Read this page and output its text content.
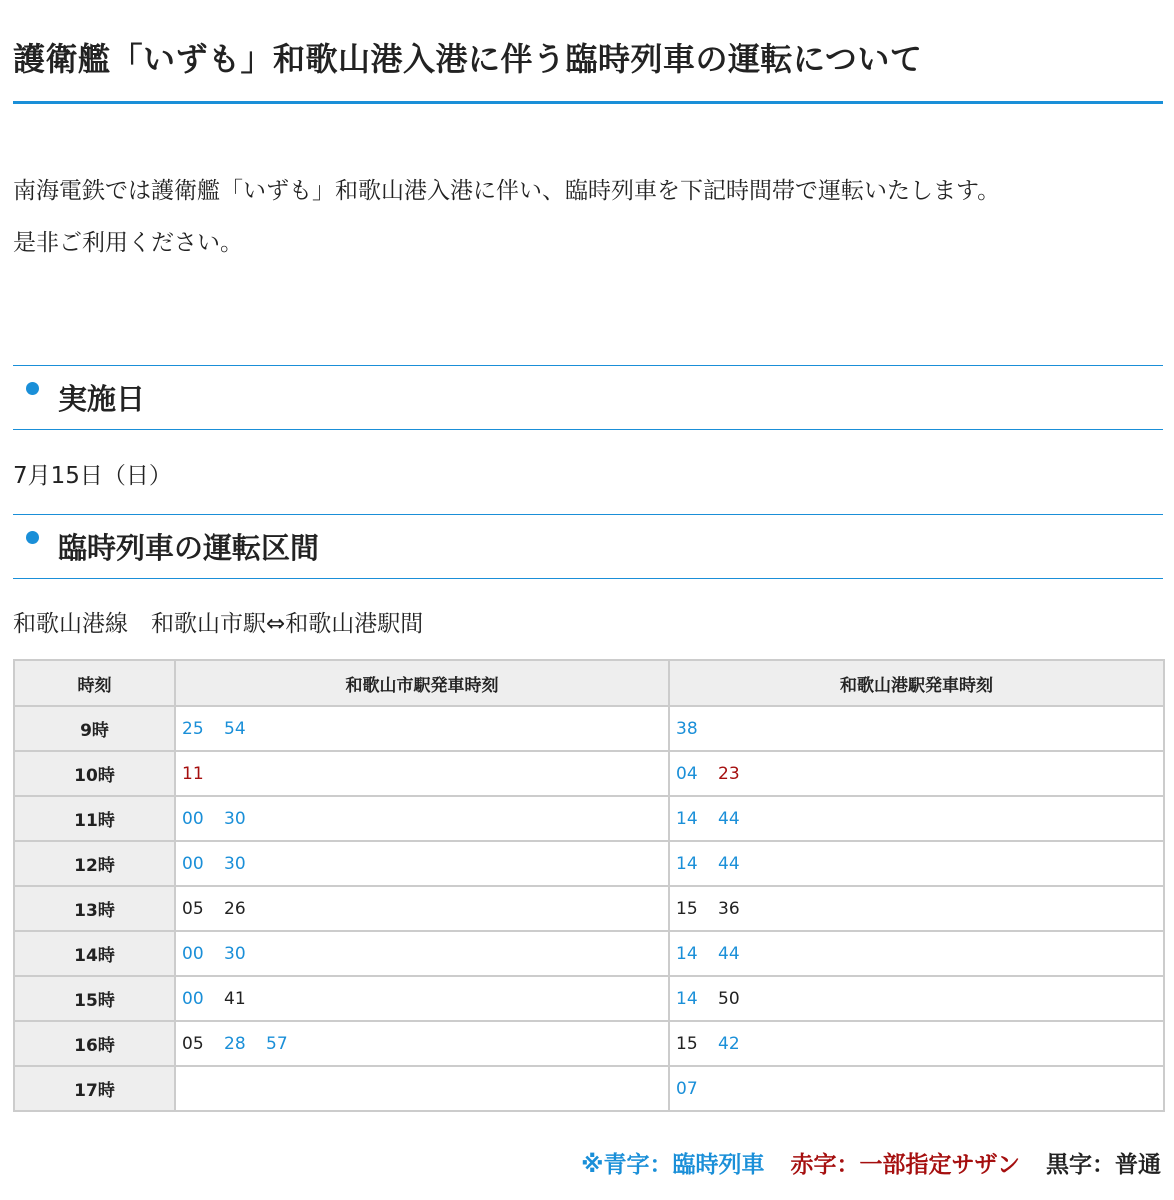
護衛艦「いずも」和歌山港入港に伴う臨時列車の運転について

南海電鉄では護衛艦「いずも」和歌山港入港に伴い、臨時列車を下記時間帯で運転いたします。

是非ご利用ください。

実施日

7月15日（日）

臨時列車の運転区間

和歌山港線　和歌山市駅⇔和歌山港駅間

時刻	和歌山市駅発車時刻	和歌山港駅発車時刻
9時	25 54	38
10時	11	04 23
11時	00 30	14 44
12時	00 30	14 44
13時	05 26	15 36
14時	00 30	14 44
15時	00 41	14 50
16時	05 28 57	15 42
17時		07

※青字：臨時列車 赤字：一部指定サザン 黒字：普通
